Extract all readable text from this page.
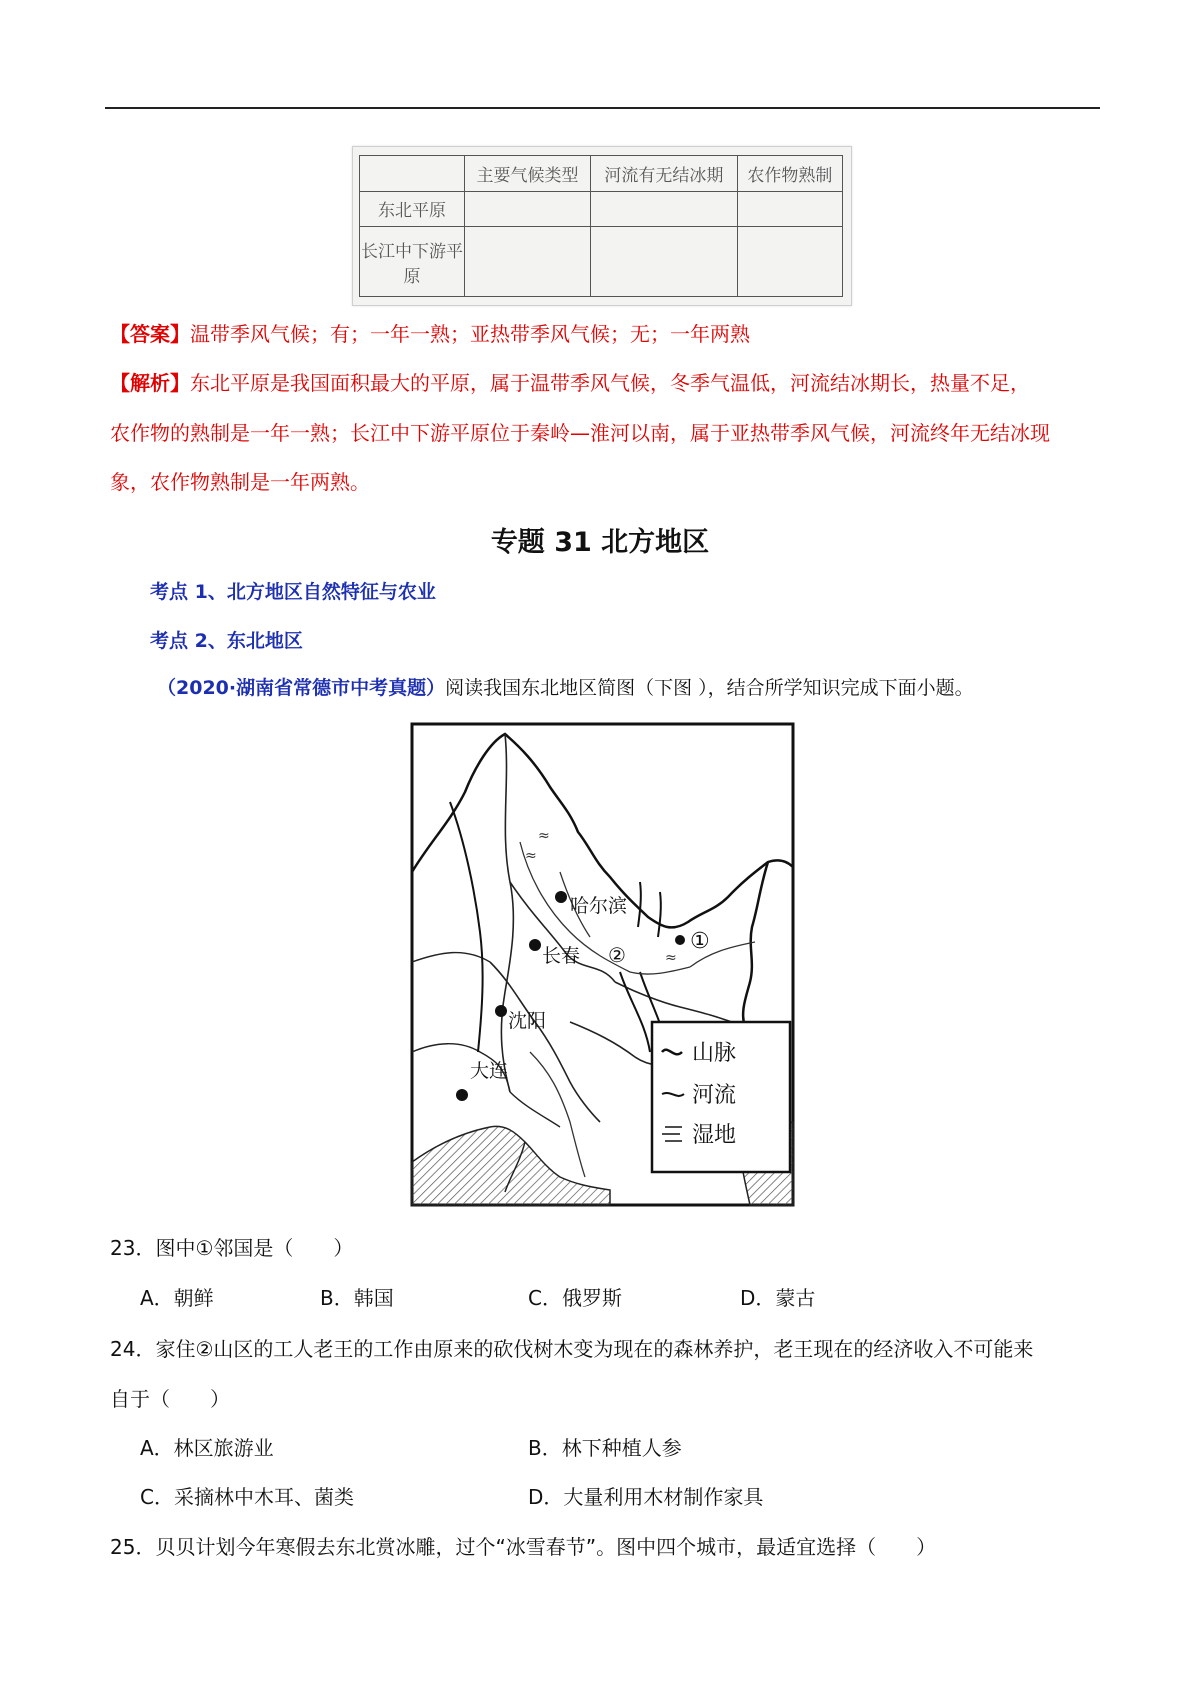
	主要气候类型	河流有无结冰期	农作物熟制
东北平原			
长江中下游平原			
【答案】温带季风气候；有；一年一熟；亚热带季风气候；无；一年两熟
【解析】东北平原是我国面积最大的平原，属于温带季风气候，冬季气温低，河流结冰期长，热量不足，
农作物的熟制是一年一熟；长江中下游平原位于秦岭—淮河以南，属于亚热带季风气候，河流终年无结冰现
象，农作物熟制是一年两熟。
专题 31 北方地区
考点 1、北方地区自然特征与农业
考点 2、东北地区
（2020·湖南省常德市中考真题）阅读我国东北地区简图（下图 ），结合所学知识完成下面小题。
≈
≈
≈
哈尔滨
长春
沈阳
大连
①
②
山脉
河流
湿地
23．图中①邻国是（　　）
A．朝鲜	B．韩国	C．俄罗斯	D．蒙古
24．家住②山区的工人老王的工作由原来的砍伐树木变为现在的森林养护，老王现在的经济收入不可能来
自于（　　）
A．林区旅游业	B．林下种植人参
C．采摘林中木耳、菌类	D．大量利用木材制作家具
25．贝贝计划今年寒假去东北赏冰雕，过个“冰雪春节”。图中四个城市，最适宜选择（　　）
